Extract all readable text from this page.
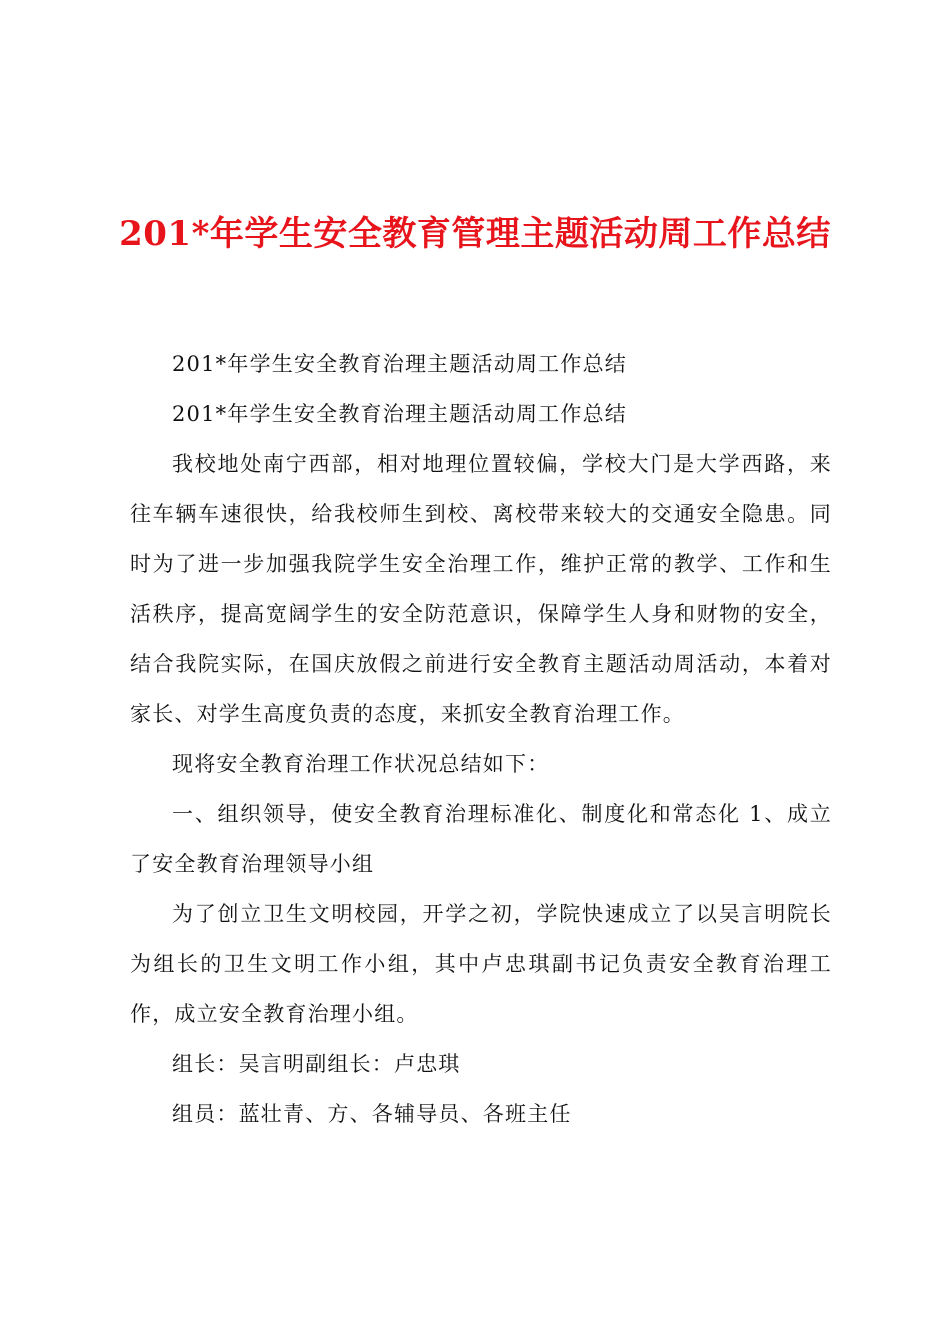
201*年学生安全教育管理主题活动周工作总结

201*年学生安全教育治理主题活动周工作总结

201*年学生安全教育治理主题活动周工作总结

我校地处南宁西部，相对地理位置较偏，学校大门是大学西路，来往车辆车速很快，给我校师生到校、离校带来较大的交通安全隐患。同时为了进一步加强我院学生安全治理工作，维护正常的教学、工作和生活秩序，提高宽阔学生的安全防范意识，保障学生人身和财物的安全，结合我院实际，在国庆放假之前进行安全教育主题活动周活动，本着对家长、对学生高度负责的态度，来抓安全教育治理工作。

现将安全教育治理工作状况总结如下：

一、组织领导，使安全教育治理标准化、制度化和常态化 1、成立了安全教育治理领导小组

为了创立卫生文明校园，开学之初，学院快速成立了以吴言明院长为组长的卫生文明工作小组，其中卢忠琪副书记负责安全教育治理工作，成立安全教育治理小组。

组长：吴言明副组长：卢忠琪

组员：蓝壮青、方、各辅导员、各班主任
